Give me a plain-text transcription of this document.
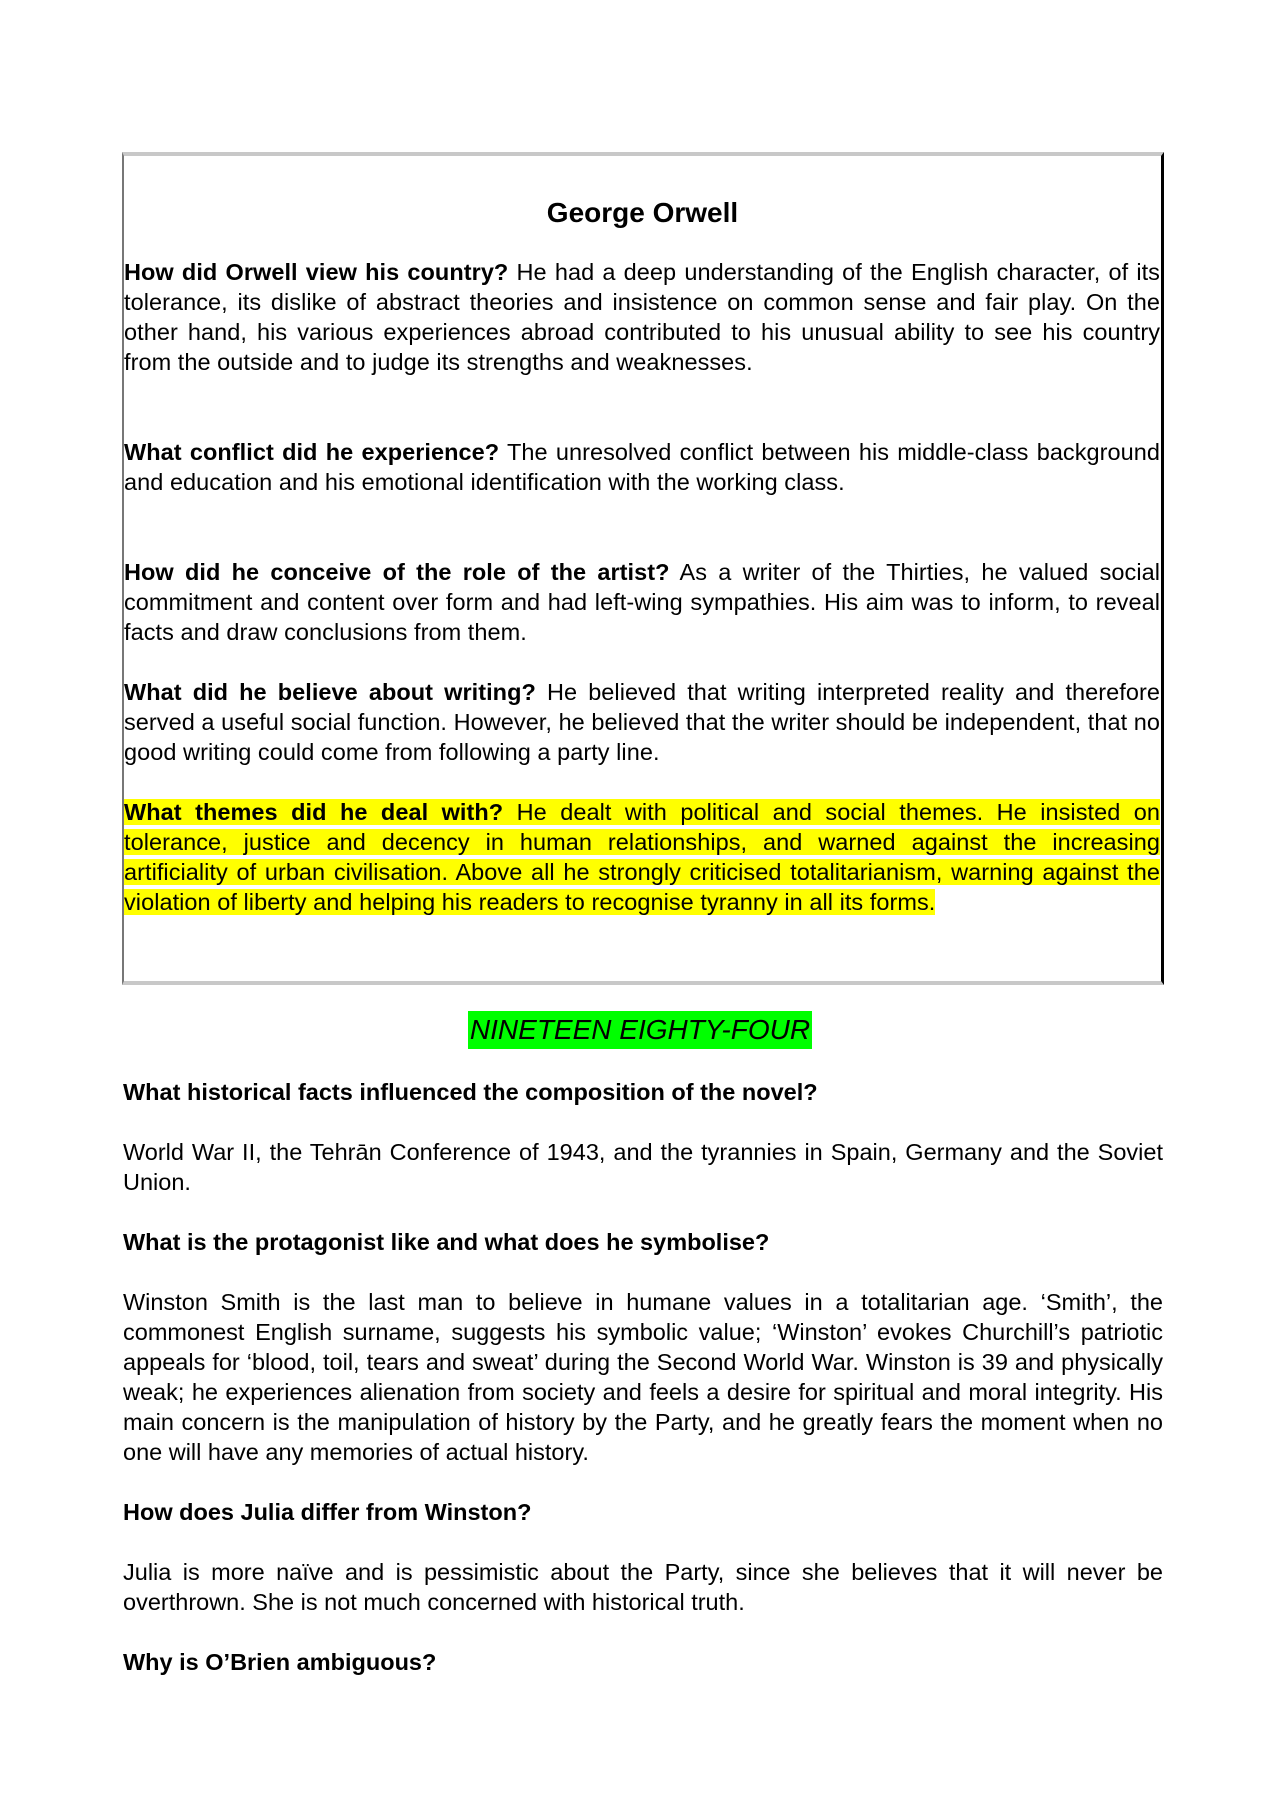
George Orwell

How did Orwell view his country? He had a deep understanding of the English character, of its tolerance, its dislike of abstract theories and insistence on common sense and fair play. On the other hand, his various experiences abroad contributed to his unusual ability to see his country from the outside and to judge its strengths and weaknesses.

What conflict did he experience? The unresolved conflict between his middle-class background and education and his emotional identification with the working class.

How did he conceive of the role of the artist? As a writer of the Thirties, he valued social commitment and content over form and had left-wing sympathies. His aim was to inform, to reveal facts and draw conclusions from them.

What did he believe about writing? He believed that writing interpreted reality and therefore served a useful social function. However, he believed that the writer should be independent, that no good writing could come from following a party line.

What themes did he deal with? He dealt with political and social themes. He insisted on tolerance, justice and decency in human relationships, and warned against the increasing artificiality of urban civilisation. Above all he strongly criticised totalitarianism, warning against the violation of liberty and helping his readers to recognise tyranny in all its forms.

NINETEEN EIGHTY-FOUR

What historical facts influenced the composition of the novel?

World War II, the Tehrān Conference of 1943, and the tyrannies in Spain, Germany and the Soviet Union.

What is the protagonist like and what does he symbolise?

Winston Smith is the last man to believe in humane values in a totalitarian age. ‘Smith’, the commonest English surname, suggests his symbolic value; ‘Winston’ evokes Churchill’s patriotic appeals for ‘blood, toil, tears and sweat’ during the Second World War. Winston is 39 and physically weak; he experiences alienation from society and feels a desire for spiritual and moral integrity. His main concern is the manipulation of history by the Party, and he greatly fears the moment when no one will have any memories of actual history.

How does Julia differ from Winston?

Julia is more naïve and is pessimistic about the Party, since she believes that it will never be overthrown. She is not much concerned with historical truth.

Why is O’Brien ambiguous?
